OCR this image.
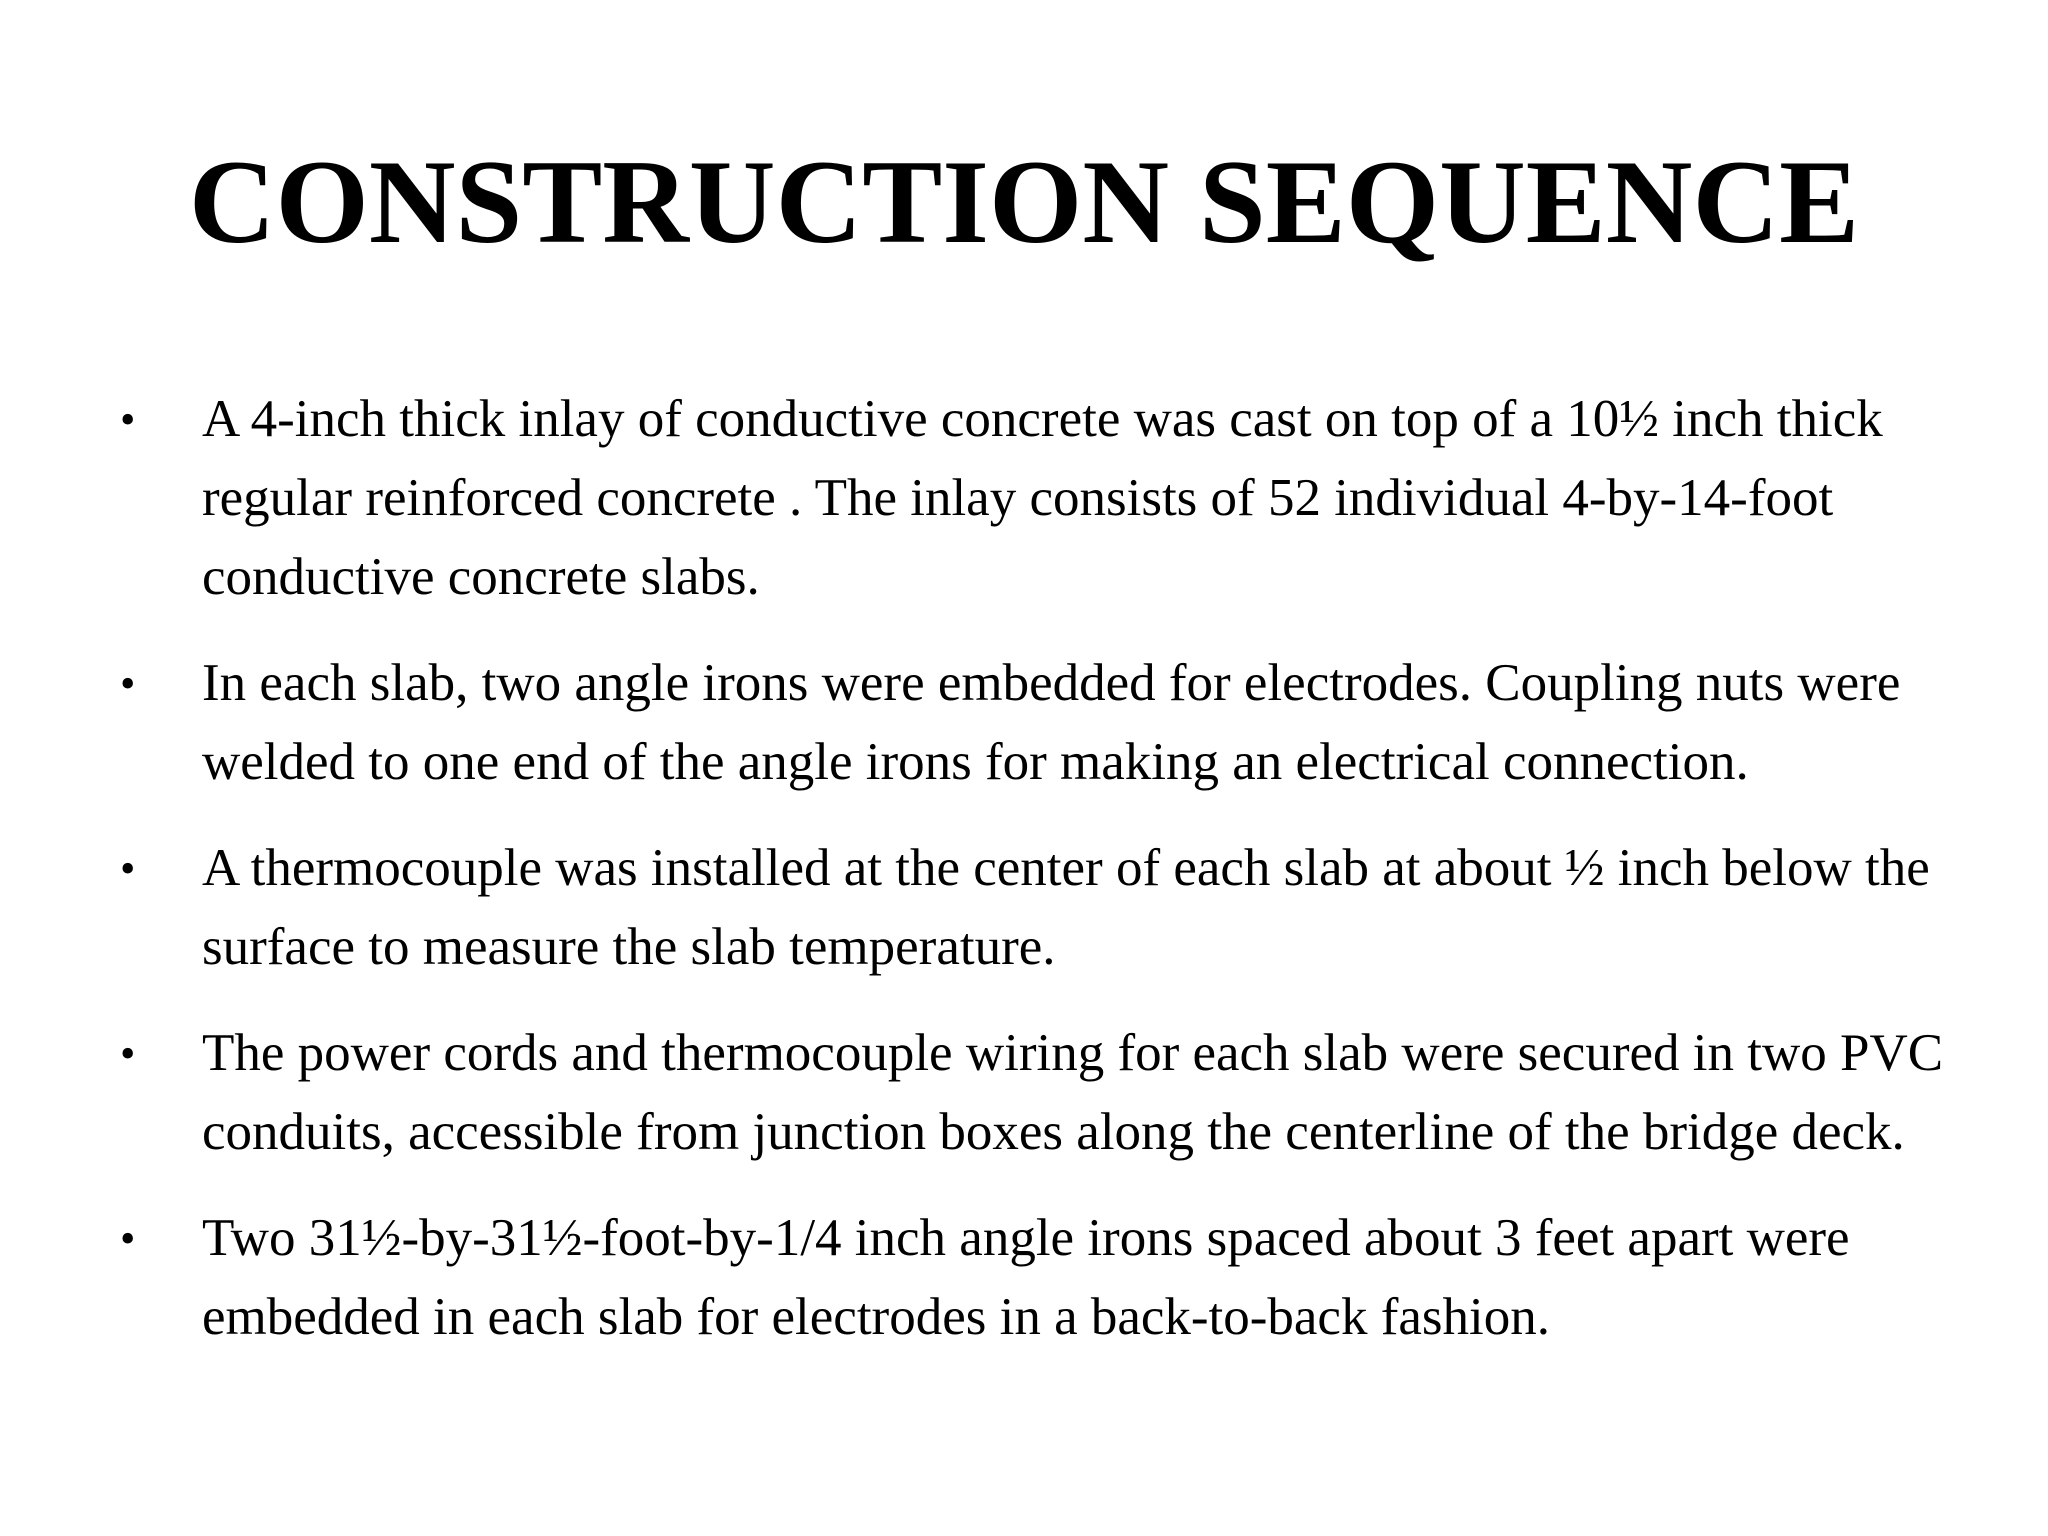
CONSTRUCTION SEQUENCE
• A 4-inch thick inlay of conductive concrete was cast on top of a 10½ inch thick regular reinforced concrete . The inlay consists of 52 individual 4-by-14-foot conductive concrete slabs.
• In each slab, two angle irons were embedded for electrodes. Coupling nuts were welded to one end of the angle irons for making an electrical connection.
• A thermocouple was installed at the center of each slab at about ½ inch below the surface to measure the slab temperature.
• The power cords and thermocouple wiring for each slab were secured in two PVC conduits, accessible from junction boxes along the centerline of the bridge deck.
• Two 31½-by-31½-foot-by-1/4 inch angle irons spaced about 3 feet apart were embedded in each slab for electrodes in a back-to-back fashion.
